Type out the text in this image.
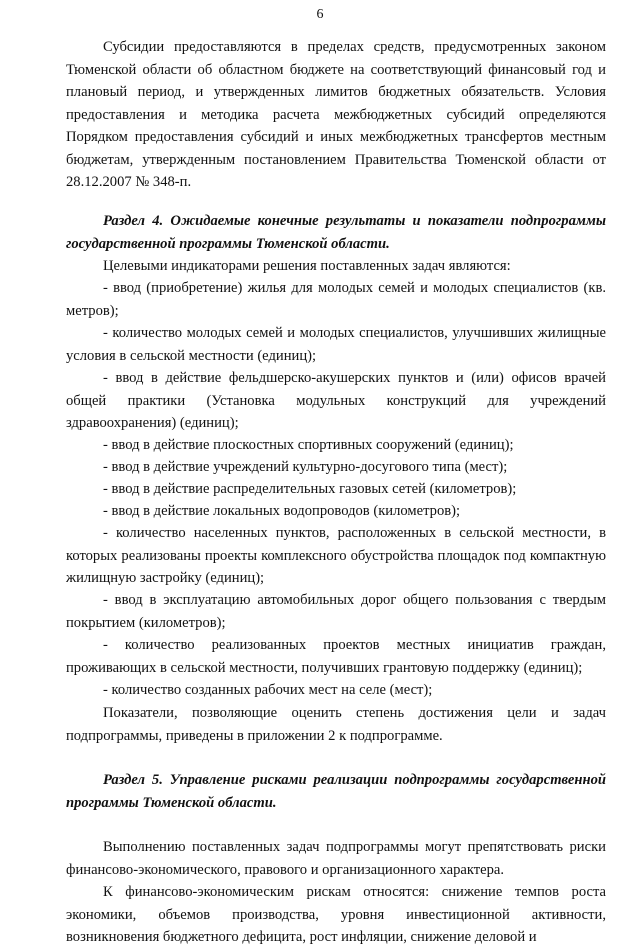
6

Субсидии предоставляются в пределах средств, предусмотренных законом Тюменской области об областном бюджете на соответствующий финансовый год и плановый период, и утвержденных лимитов бюджетных обязательств. Условия предоставления и методика расчета межбюджетных субсидий определяются Порядком предоставления субсидий и иных межбюджетных трансфертов местным бюджетам, утвержденным постановлением Правительства Тюменской области от 28.12.2007 № 348-п.

Раздел 4. Ожидаемые конечные результаты и показатели подпрограммы государственной программы Тюменской области.

Целевыми индикаторами решения поставленных задач являются:

- ввод (приобретение) жилья для молодых семей и молодых специалистов (кв. метров);

- количество молодых семей и молодых специалистов, улучшивших жилищные условия в сельской местности (единиц);

- ввод в действие фельдшерско-акушерских пунктов и (или) офисов врачей общей практики (Установка модульных конструкций для учреждений здравоохранения) (единиц);

- ввод в действие плоскостных спортивных сооружений (единиц);

- ввод в действие учреждений культурно-досугового типа (мест);

- ввод в действие распределительных газовых сетей (километров);

- ввод в действие локальных водопроводов (километров);

- количество населенных пунктов, расположенных в сельской местности, в которых реализованы проекты комплексного обустройства площадок под компактную жилищную застройку (единиц);

- ввод в эксплуатацию автомобильных дорог общего пользования с твердым покрытием (километров);

- количество реализованных проектов местных инициатив граждан, проживающих в сельской местности, получивших грантовую поддержку (единиц);

- количество созданных рабочих мест на селе (мест);

Показатели, позволяющие оценить степень достижения цели и задач подпрограммы, приведены в приложении 2 к подпрограмме.

Раздел 5. Управление рисками реализации подпрограммы государственной программы Тюменской области.

Выполнению поставленных задач подпрограммы могут препятствовать риски финансово-экономического, правового и организационного характера.

К финансово-экономическим рискам относятся: снижение темпов роста экономики, объемов производства, уровня инвестиционной активности, возникновения бюджетного дефицита, рост инфляции, снижение деловой и
